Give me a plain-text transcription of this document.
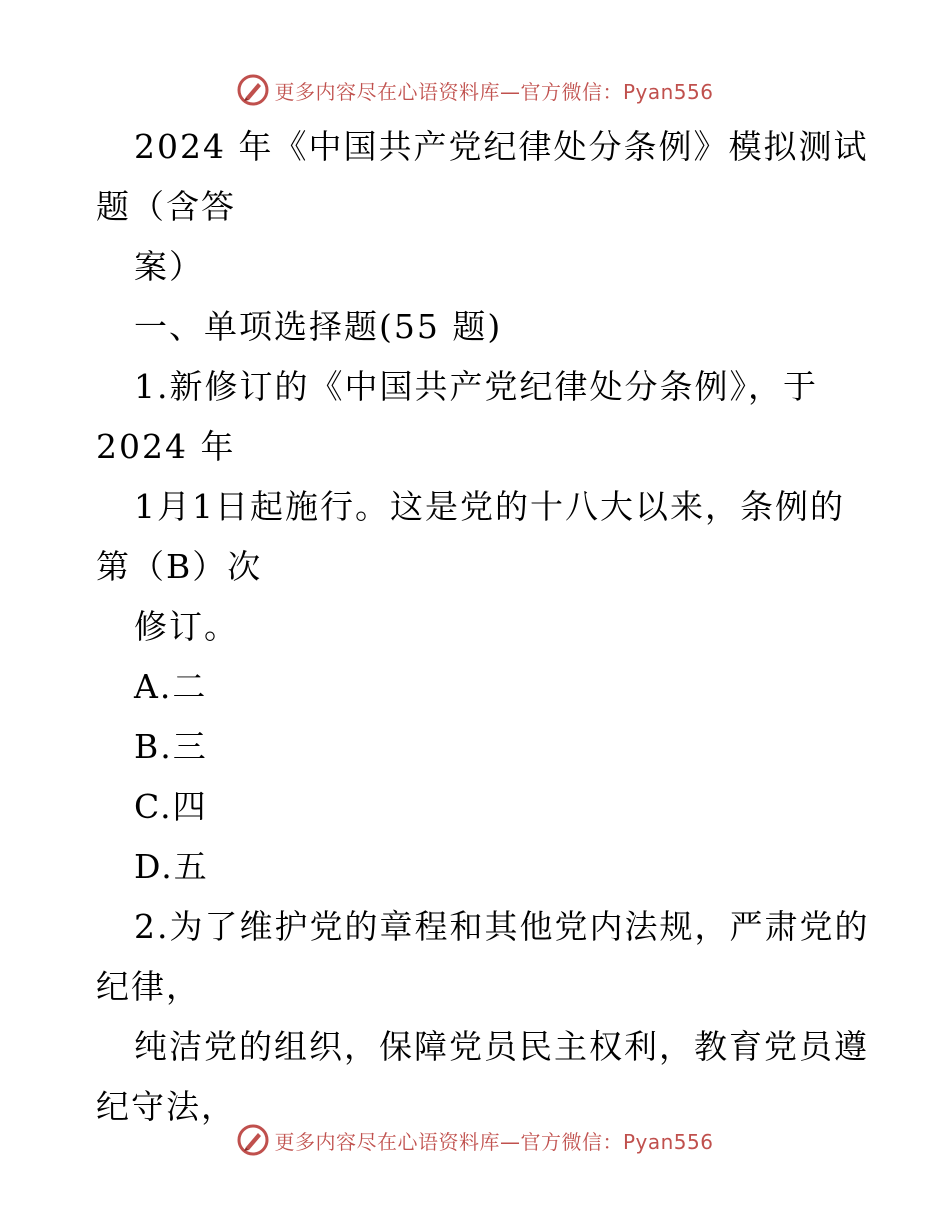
更多内容尽在心语资料库—官方微信：Pyan556
2024 年《中国共产党纪律处分条例》模拟测试
题（含答
案）
一、单项选择题(55 题)
1.新修订的《中国共产党纪律处分条例》，于
2024 年
1月1日起施行。这是党的十八大以来，条例的
第（B）次
修订。
A.二
B.三
C.四
D.五
2.为了维护党的章程和其他党内法规，严肃党的
纪律，
纯洁党的组织，保障党员民主权利，教育党员遵
纪守法，
更多内容尽在心语资料库—官方微信：Pyan556
